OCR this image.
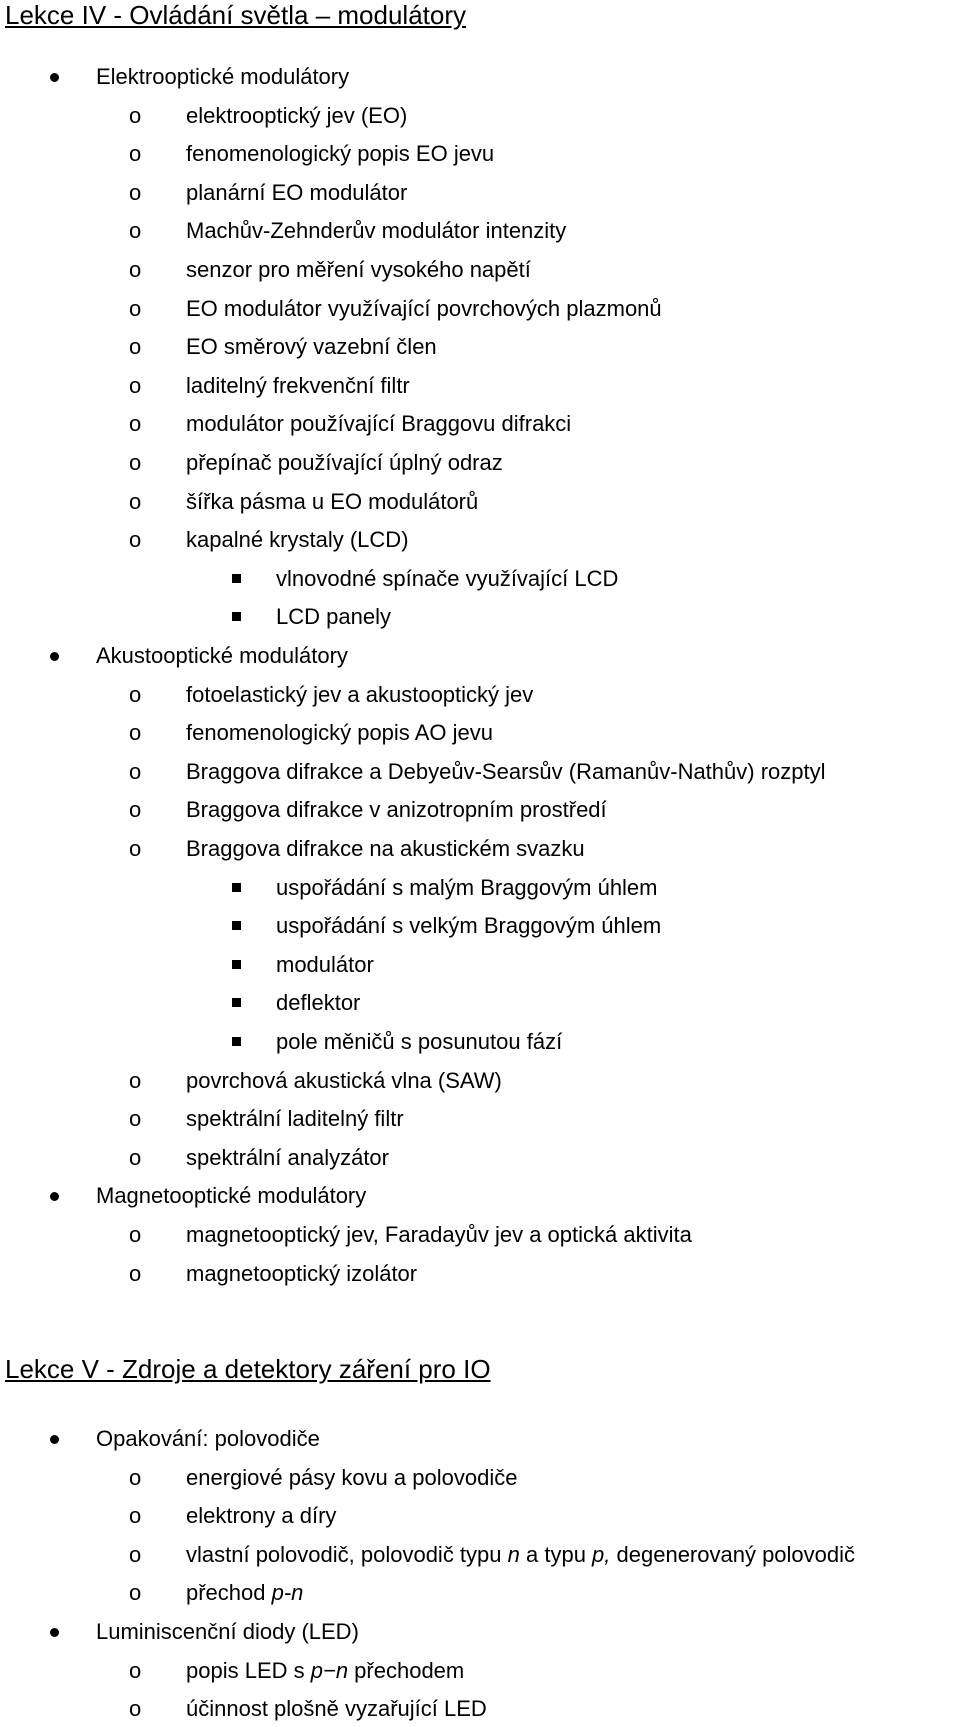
Lekce IV - Ovládání světla – modulátory
Elektrooptické modulátory
o elektrooptický jev (EO)
o fenomenologický popis EO jevu
o planární EO modulátor
o Machův-Zehnderův modulátor intenzity
o senzor pro měření vysokého napětí
o EO modulátor využívající povrchových plazmonů
o EO směrový vazební člen
o laditelný frekvenční filtr
o modulátor používající Braggovu difrakci
o přepínač používající úplný odraz
o šířka pásma u EO modulátorů
o kapalné krystaly (LCD)
vlnovodné spínače využívající LCD
LCD panely
Akustooptické modulátory
o fotoelastický jev a akustooptický jev
o fenomenologický popis AO jevu
o Braggova difrakce a Debyeův-Searsův (Ramanův-Nathův) rozptyl
o Braggova difrakce v anizotropním prostředí
o Braggova difrakce na akustickém svazku
uspořádání s malým Braggovým úhlem
uspořádání s velkým Braggovým úhlem
modulátor
deflektor
pole měničů s posunutou fází
o povrchová akustická vlna (SAW)
o spektrální laditelný filtr
o spektrální analyzátor
Magnetooptické modulátory
o magnetooptický jev, Faradayův jev a optická aktivita
o magnetooptický izolátor
Lekce V - Zdroje a detektory záření pro IO
Opakování: polovodiče
o energiové pásy kovu a polovodiče
o elektrony a díry
o vlastní polovodič, polovodič typu n a typu p, degenerovaný polovodič
o přechod p-n
Luminiscenční diody (LED)
o popis LED s p−n přechodem
o účinnost plošně vyzařující LED
